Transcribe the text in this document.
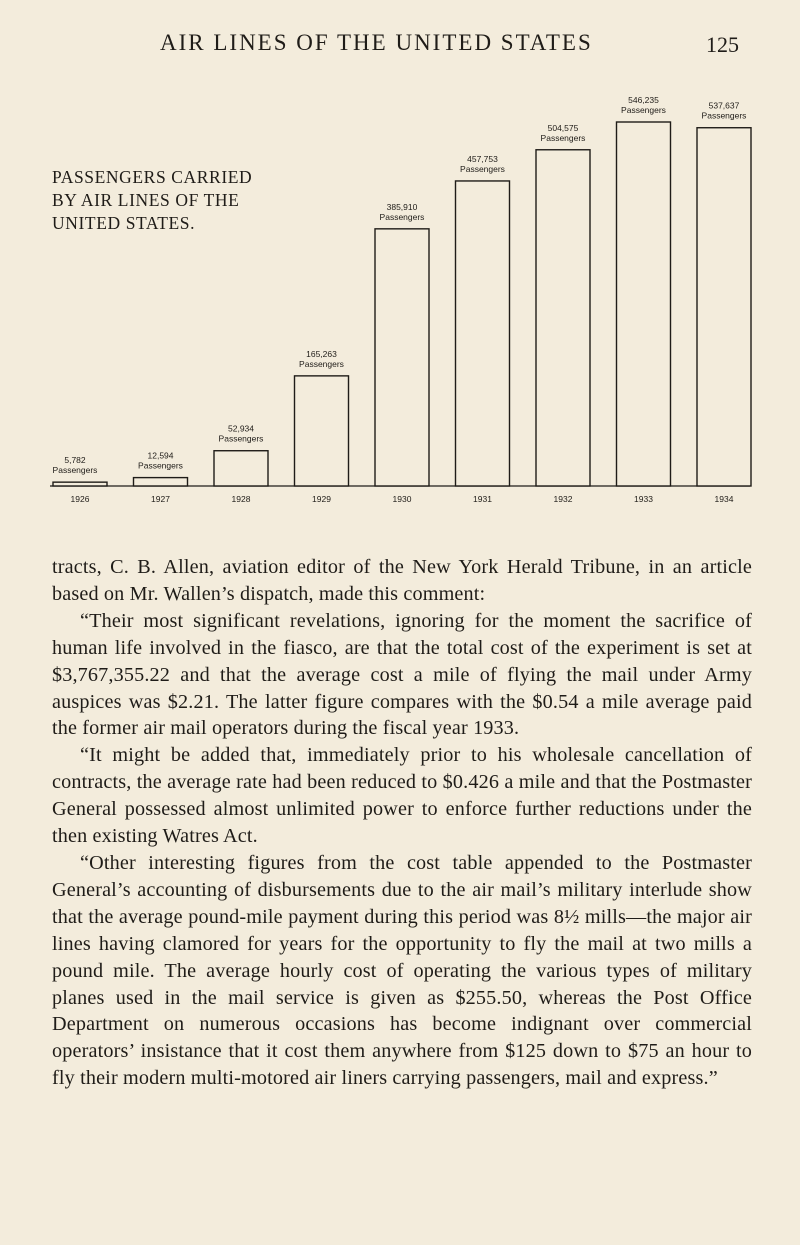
AIR LINES OF THE UNITED STATES	125
5,782
Passengers
1926
12,594
Passengers
1927
52,934
Passengers
1928
165,263
Passengers
1929
385,910
Passengers
1930
457,753
Passengers
1931
504,575
Passengers
1932
546,235
Passengers
1933
537,637
Passengers
1934
PASSENGERS CARRIED
BY AIR LINES OF THE
UNITED STATES.

tracts, C. B. Allen, aviation editor of the New York Herald Tribune, in an article based on Mr. Wallen’s dispatch, made this comment:

“Their most significant revelations, ignoring for the moment the sacrifice of human life involved in the fiasco, are that the total cost of the experiment is set at $3,767,355.22 and that the average cost a mile of flying the mail under Army auspices was $2.21. The latter figure compares with the $0.54 a mile average paid the former air mail operators during the fiscal year 1933.

“It might be added that, immediately prior to his wholesale cancellation of contracts, the average rate had been reduced to $0.426 a mile and that the Postmaster General possessed almost unlimited power to enforce further reductions under the then existing Watres Act.

“Other interesting figures from the cost table appended to the Postmaster General’s accounting of disbursements due to the air mail’s military interlude show that the average pound-mile payment during this period was 8½ mills—the major air lines having clamored for years for the opportunity to fly the mail at two mills a pound mile. The average hourly cost of operating the various types of military planes used in the mail service is given as $255.50, whereas the Post Office Department on numerous occasions has become indignant over commercial operators’ insistance that it cost them anywhere from $125 down to $75 an hour to fly their modern multi-motored air liners carrying passengers, mail and express.”
